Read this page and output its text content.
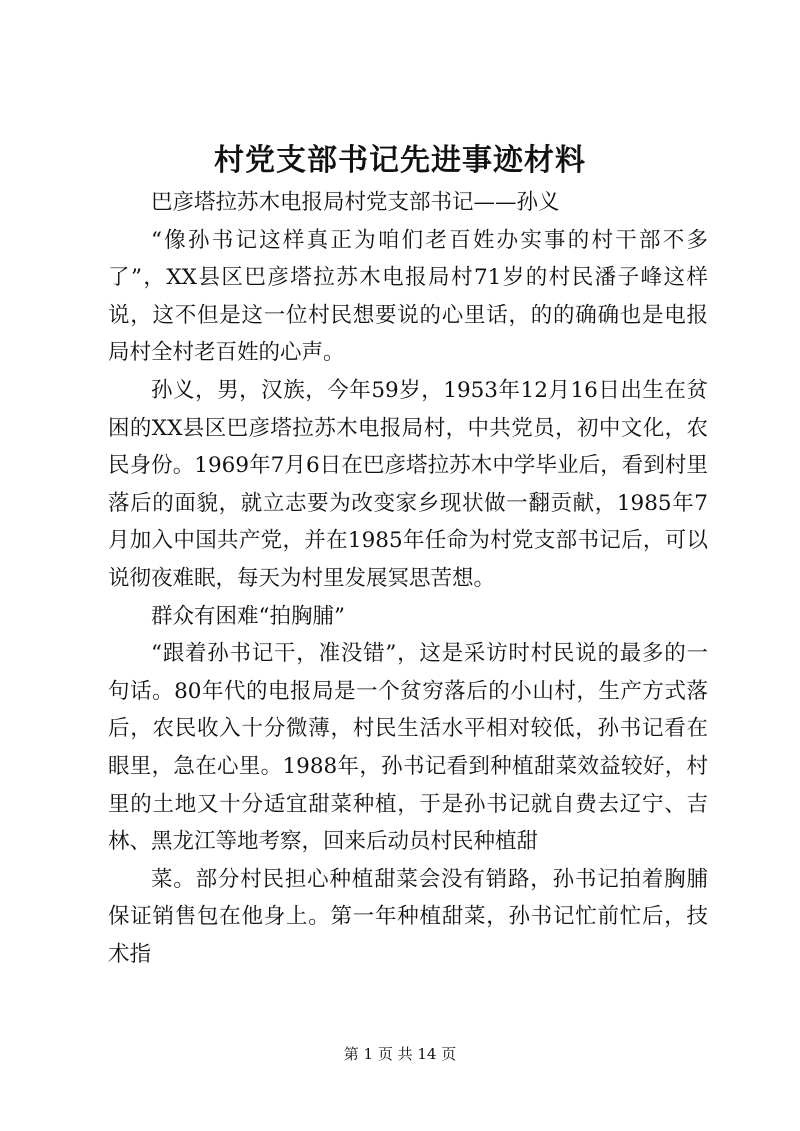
村党支部书记先进事迹材料

巴彦塔拉苏木电报局村党支部书记——孙义

“像孙书记这样真正为咱们老百姓办实事的村干部不多了”，XX县区巴彦塔拉苏木电报局村71岁的村民潘子峰这样说，这不但是这一位村民想要说的心里话，的的确确也是电报局村全村老百姓的心声。

孙义，男，汉族，今年59岁，1953年12月16日出生在贫困的XX县区巴彦塔拉苏木电报局村，中共党员，初中文化，农民身份。1969年7月6日在巴彦塔拉苏木中学毕业后，看到村里落后的面貌，就立志要为改变家乡现状做一翻贡献，1985年7月加入中国共产党，并在1985年任命为村党支部书记后，可以说彻夜难眠，每天为村里发展冥思苦想。

群众有困难“拍胸脯”

“跟着孙书记干，准没错”，这是采访时村民说的最多的一句话。80年代的电报局是一个贫穷落后的小山村，生产方式落后，农民收入十分微薄，村民生活水平相对较低，孙书记看在眼里，急在心里。1988年，孙书记看到种植甜菜效益较好，村里的土地又十分适宜甜菜种植，于是孙书记就自费去辽宁、吉林、黑龙江等地考察，回来后动员村民种植甜

菜。部分村民担心种植甜菜会没有销路，孙书记拍着胸脯保证销售包在他身上。第一年种植甜菜，孙书记忙前忙后，技术指

第 1 页 共 14 页
